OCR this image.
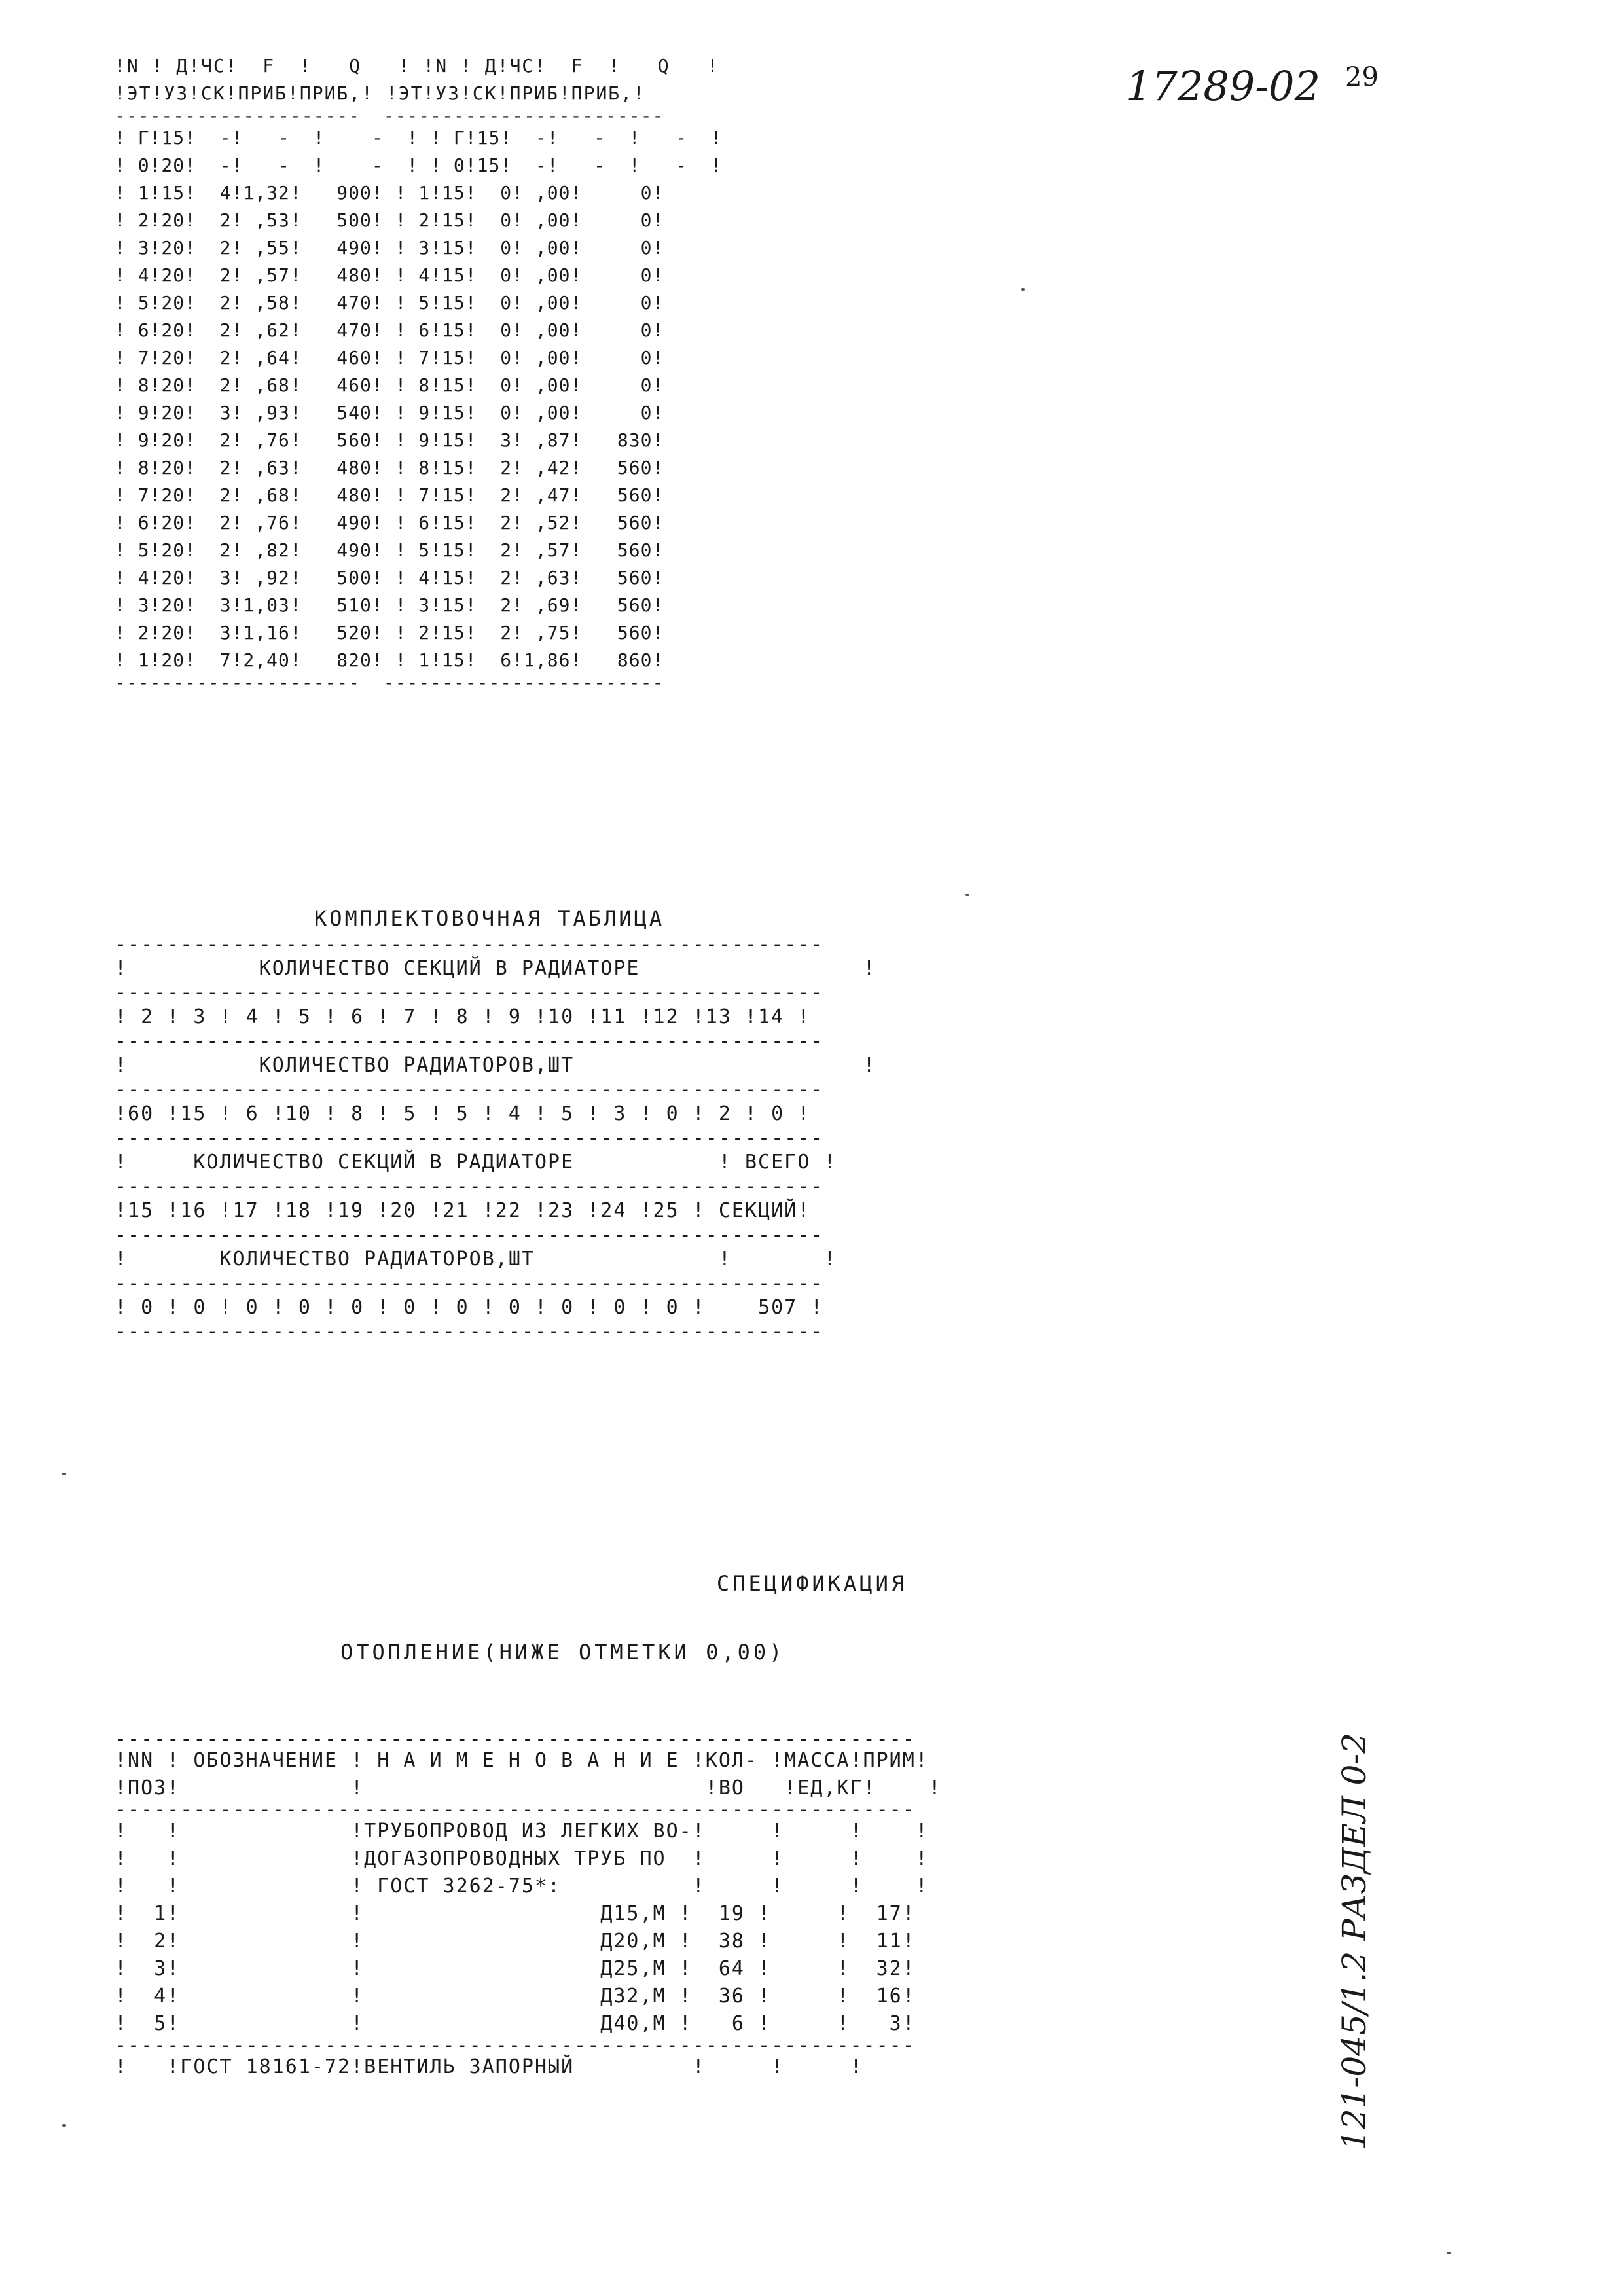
17289-02 29
!N ! Д!ЧС!  F  !   Q   ! !N ! Д!ЧС!  F  !   Q   !
!ЭТ!УЗ!СК!ПРИБ!ПРИБ,! !ЭТ!УЗ!СК!ПРИБ!ПРИБ,!
---------------------  ------------------------
! Г!15!  -!   -  !    -  ! ! Г!15!  -!   -  !   -  !
! 0!20!  -!   -  !    -  ! ! 0!15!  -!   -  !   -  !
! 1!15!  4!1,32!   900! ! 1!15!  0! ,00!     0!
! 2!20!  2! ,53!   500! ! 2!15!  0! ,00!     0!
! 3!20!  2! ,55!   490! ! 3!15!  0! ,00!     0!
! 4!20!  2! ,57!   480! ! 4!15!  0! ,00!     0!
! 5!20!  2! ,58!   470! ! 5!15!  0! ,00!     0!
! 6!20!  2! ,62!   470! ! 6!15!  0! ,00!     0!
! 7!20!  2! ,64!   460! ! 7!15!  0! ,00!     0!
! 8!20!  2! ,68!   460! ! 8!15!  0! ,00!     0!
! 9!20!  3! ,93!   540! ! 9!15!  0! ,00!     0!
! 9!20!  2! ,76!   560! ! 9!15!  3! ,87!   830!
! 8!20!  2! ,63!   480! ! 8!15!  2! ,42!   560!
! 7!20!  2! ,68!   480! ! 7!15!  2! ,47!   560!
! 6!20!  2! ,76!   490! ! 6!15!  2! ,52!   560!
! 5!20!  2! ,82!   490! ! 5!15!  2! ,57!   560!
! 4!20!  3! ,92!   500! ! 4!15!  2! ,63!   560!
! 3!20!  3!1,03!   510! ! 3!15!  2! ,69!   560!
! 2!20!  3!1,16!   520! ! 2!15!  2! ,75!   560!
! 1!20!  7!2,40!   820! ! 1!15!  6!1,86!   860!
---------------------  ------------------------
КОМПЛЕКТОВОЧНАЯ ТАБЛИЦА
------------------------------------------------------
!          КОЛИЧЕСТВО СЕКЦИЙ В РАДИАТОРЕ                 !
------------------------------------------------------
! 2 ! 3 ! 4 ! 5 ! 6 ! 7 ! 8 ! 9 !10 !11 !12 !13 !14 !
------------------------------------------------------
!          КОЛИЧЕСТВО РАДИАТОРОВ,ШТ                      !
------------------------------------------------------
!60 !15 ! 6 !10 ! 8 ! 5 ! 5 ! 4 ! 5 ! 3 ! 0 ! 2 ! 0 !
------------------------------------------------------
!     КОЛИЧЕСТВО СЕКЦИЙ В РАДИАТОРЕ           ! ВСЕГО !
------------------------------------------------------
!15 !16 !17 !18 !19 !20 !21 !22 !23 !24 !25 ! СЕКЦИЙ!
------------------------------------------------------
!       КОЛИЧЕСТВО РАДИАТОРОВ,ШТ              !       !
------------------------------------------------------
! 0 ! 0 ! 0 ! 0 ! 0 ! 0 ! 0 ! 0 ! 0 ! 0 ! 0 !    507 !
------------------------------------------------------
СПЕЦИФИКАЦИЯ
ОТОПЛЕНИЕ(НИЖЕ ОТМЕТКИ 0,00)
-------------------------------------------------------------
!NN ! ОБОЗНАЧЕНИЕ ! Н А И М Е Н О В А Н И Е !КОЛ- !МАССА!ПРИМ!
!ПОЗ!             !                          !ВО   !ЕД,КГ!    !
-------------------------------------------------------------
!   !             !ТРУБОПРОВОД ИЗ ЛЕГКИХ ВО-!     !     !    !
!   !             !ДОГАЗОПРОВОДНЫХ ТРУБ ПО  !     !     !    !
!   !             ! ГОСТ 3262-75*:          !     !     !    !
!  1!             !                  Д15,М !  19 !     !  17!
!  2!             !                  Д20,М !  38 !     !  11!
!  3!             !                  Д25,М !  64 !     !  32!
!  4!             !                  Д32,М !  36 !     !  16!
!  5!             !                  Д40,М !   6 !     !   3!
-------------------------------------------------------------
!   !ГОСТ 18161-72!ВЕНТИЛЬ ЗАПОРНЫЙ         !     !     !	121-045/1.2 РАЗДЕЛ 0-2
